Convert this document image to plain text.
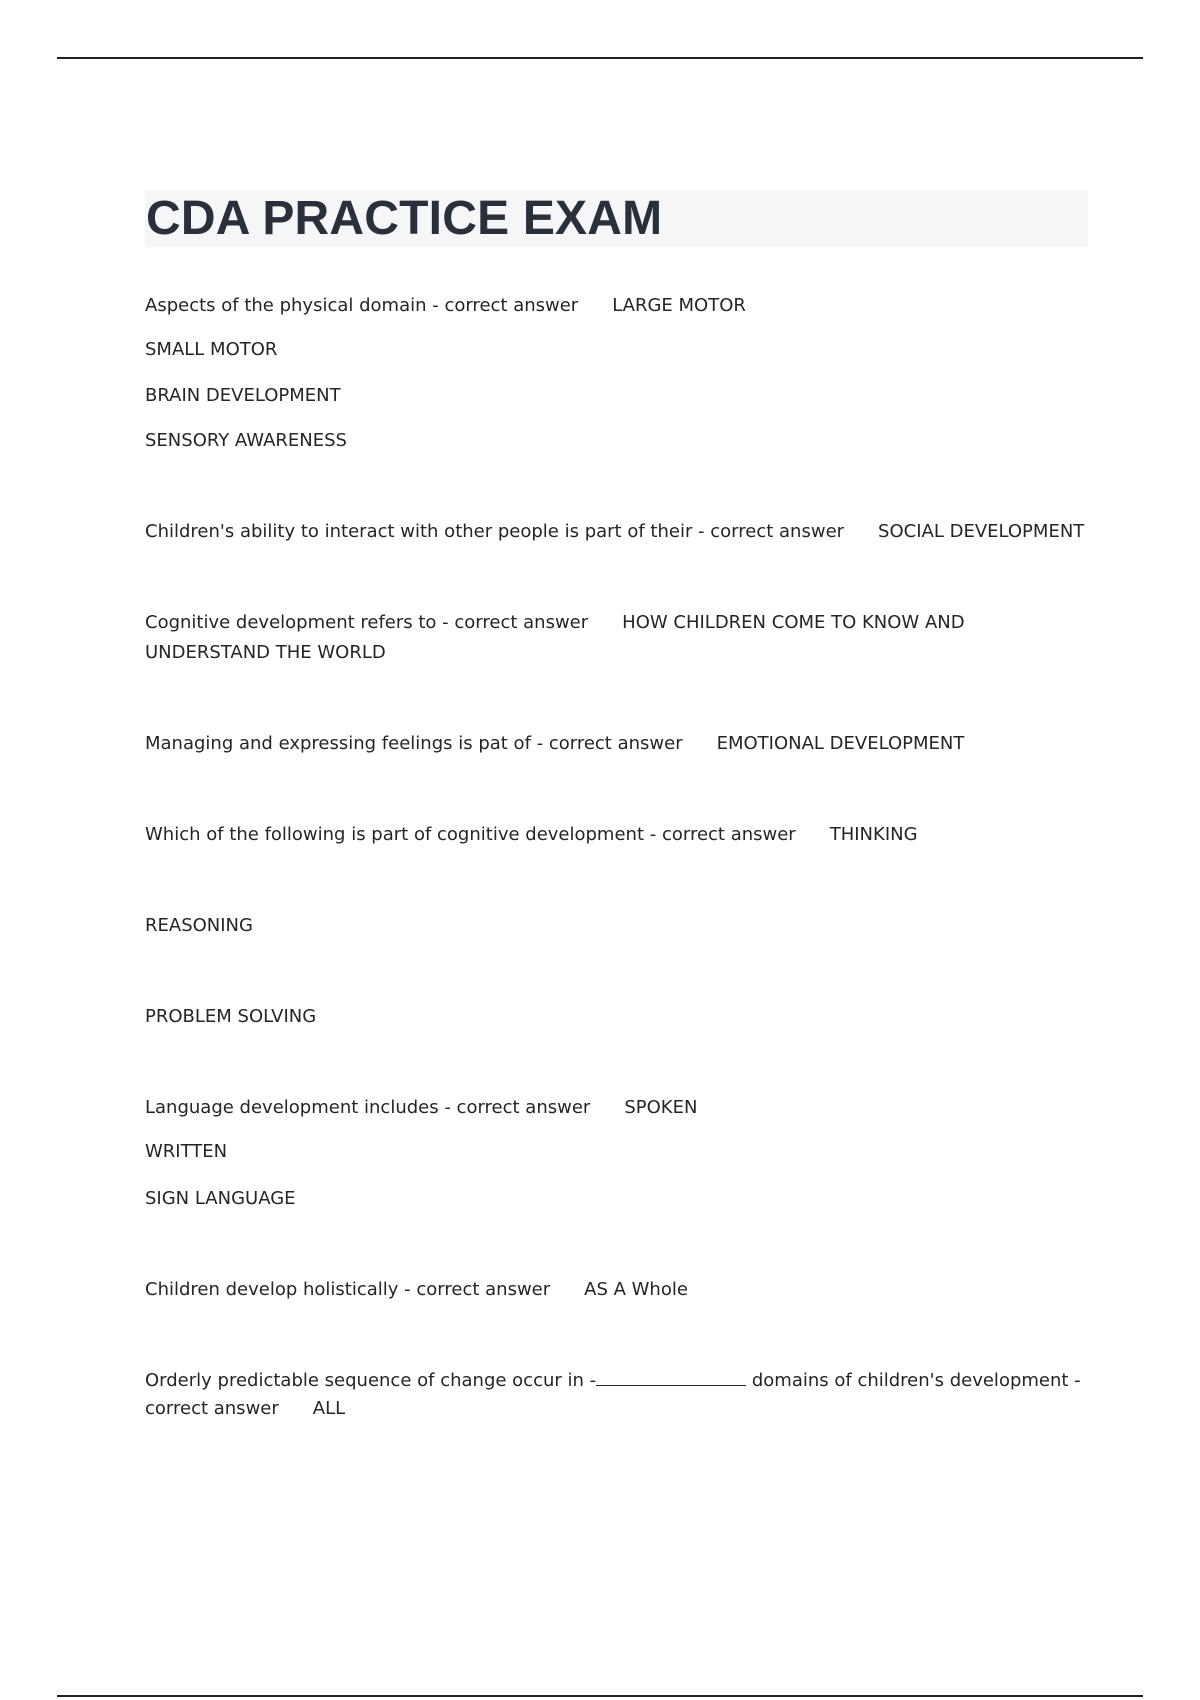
CDA PRACTICE EXAM
Aspects of the physical domain - correct answer LARGE MOTOR
SMALL MOTOR
BRAIN DEVELOPMENT
SENSORY AWARENESS
Children's ability to interact with other people is part of their - correct answer SOCIAL DEVELOPMENT
Cognitive development refers to - correct answer HOW CHILDREN COME TO KNOW AND
UNDERSTAND THE WORLD
Managing and expressing feelings is pat of - correct answer EMOTIONAL DEVELOPMENT
Which of the following is part of cognitive development - correct answer THINKING
REASONING
PROBLEM SOLVING
Language development includes - correct answer SPOKEN
WRITTEN
SIGN LANGUAGE
Children develop holistically - correct answer AS A Whole
Orderly predictable sequence of change occur in -	domains of children's development -
correct answer ALL
